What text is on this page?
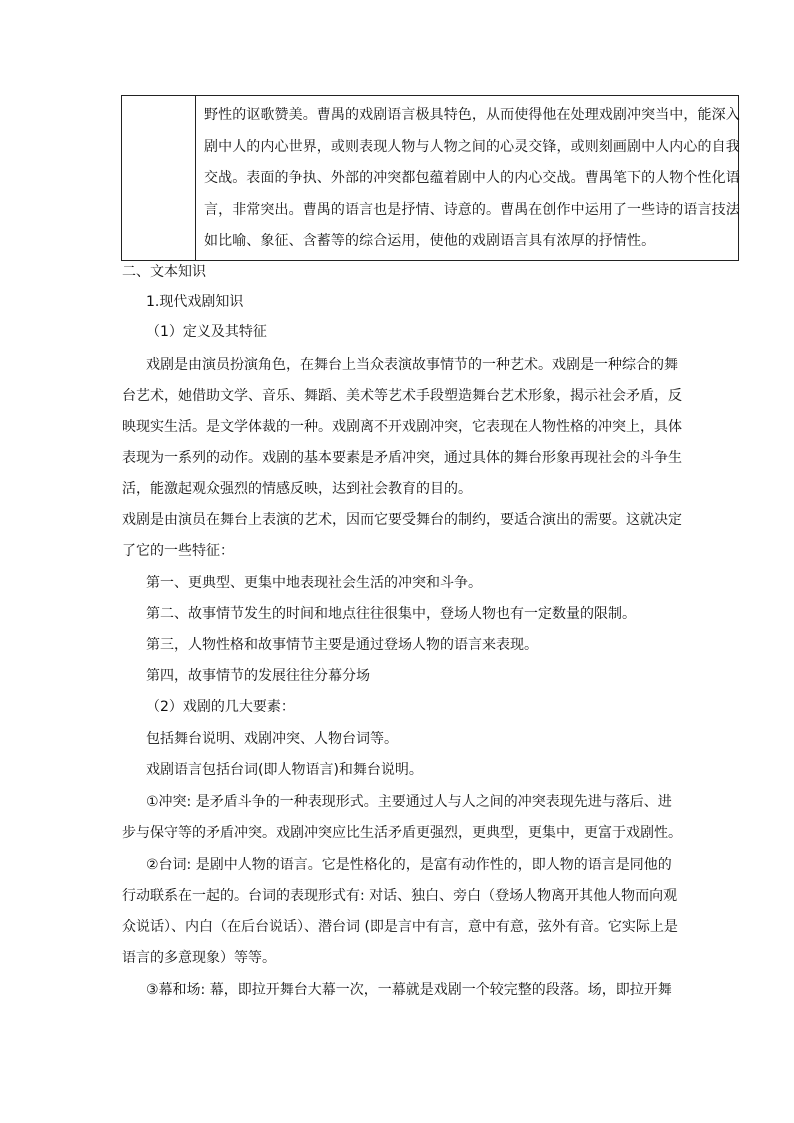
野性的讴歌赞美。曹禺的戏剧语言极具特色，从而使得他在处理戏剧冲突当中，能深入
剧中人的内心世界，或则表现人物与人物之间的心灵交锋，或则刻画剧中人内心的自我
交战。表面的争执、外部的冲突都包蕴着剧中人的内心交战。曹禺笔下的人物个性化语
言，非常突出。曹禺的语言也是抒情、诗意的。曹禺在创作中运用了一些诗的语言技法
如比喻、象征、含蓄等的综合运用，使他的戏剧语言具有浓厚的抒情性。
二、文本知识
1.现代戏剧知识
（1）定义及其特征
戏剧是由演员扮演角色，在舞台上当众表演故事情节的一种艺术。戏剧是一种综合的舞
台艺术，她借助文学、音乐、舞蹈、美术等艺术手段塑造舞台艺术形象，揭示社会矛盾，反
映现实生活。是文学体裁的一种。戏剧离不开戏剧冲突，它表现在人物性格的冲突上，具体
表现为一系列的动作。戏剧的基本要素是矛盾冲突，通过具体的舞台形象再现社会的斗争生
活，能激起观众强烈的情感反映，达到社会教育的目的。
戏剧是由演员在舞台上表演的艺术，因而它要受舞台的制约，要适合演出的需要。这就决定
了它的一些特征：
第一、更典型、更集中地表现社会生活的冲突和斗争。
第二、故事情节发生的时间和地点往往很集中，登场人物也有一定数量的限制。
第三，人物性格和故事情节主要是通过登场人物的语言来表现。
第四，故事情节的发展往往分幕分场
（2）戏剧的几大要素：
包括舞台说明、戏剧冲突、人物台词等。
戏剧语言包括台词(即人物语言)和舞台说明。
①冲突: 是矛盾斗争的一种表现形式。主要通过人与人之间的冲突表现先进与落后、进
步与保守等的矛盾冲突。戏剧冲突应比生活矛盾更强烈，更典型，更集中，更富于戏剧性。
②台词: 是剧中人物的语言。它是性格化的，是富有动作性的，即人物的语言是同他的
行动联系在一起的。台词的表现形式有: 对话、独白、旁白（登场人物离开其他人物而向观
众说话）、内白（在后台说话）、潜台词 (即是言中有言，意中有意，弦外有音。它实际上是
语言的多意现象）等等。
③幕和场: 幕，即拉开舞台大幕一次，一幕就是戏剧一个较完整的段落。场，即拉开舞
